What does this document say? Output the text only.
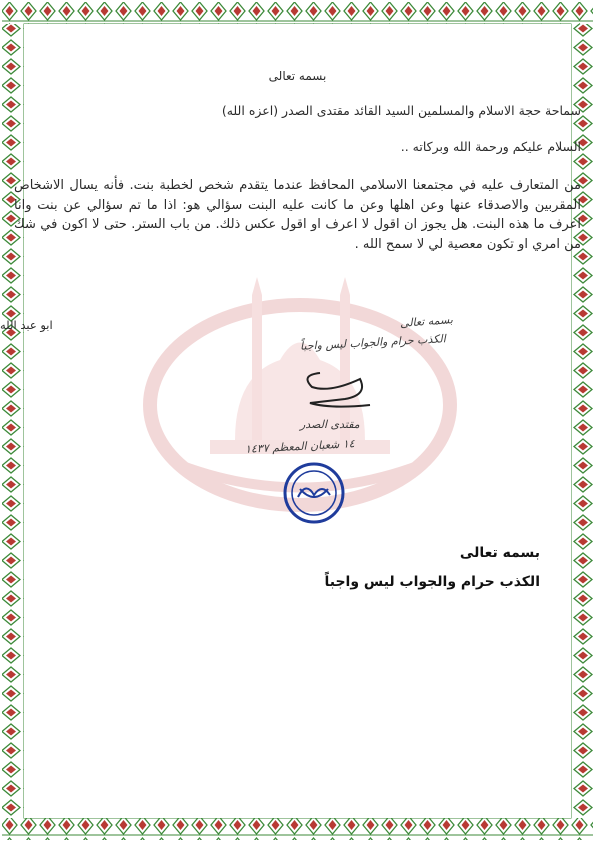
بسمه تعالى
سماحة حجة الاسلام والمسلمين السيد القائد مقتدى الصدر (اعزه الله)
السلام عليكم ورحمة الله وبركاته ..
من المتعارف عليه في مجتمعنا الاسلامي المحافظ عندما يتقدم شخص لخطبة بنت. فأنه يسال الاشخاص المقربين والاصدقاء عنها وعن اهلها وعن ما كانت عليه البنت سؤالي هو: اذا ما تم سؤالي عن بنت وانا اعرف ما هذه البنت. هل يجوز ان اقول لا اعرف او اقول عكس ذلك. من باب الستر. حتى لا اكون في شك من امري او تكون معصية لي لا سمح الله .
ابو عبد الله	بسمه تعالى
الكذب حرام والجواب ليس واجباً
مقتدى الصدر
١٤ شعبان المعظم ١٤٣٧
بسمه تعالى
الكذب حرام والجواب ليس واجباً
